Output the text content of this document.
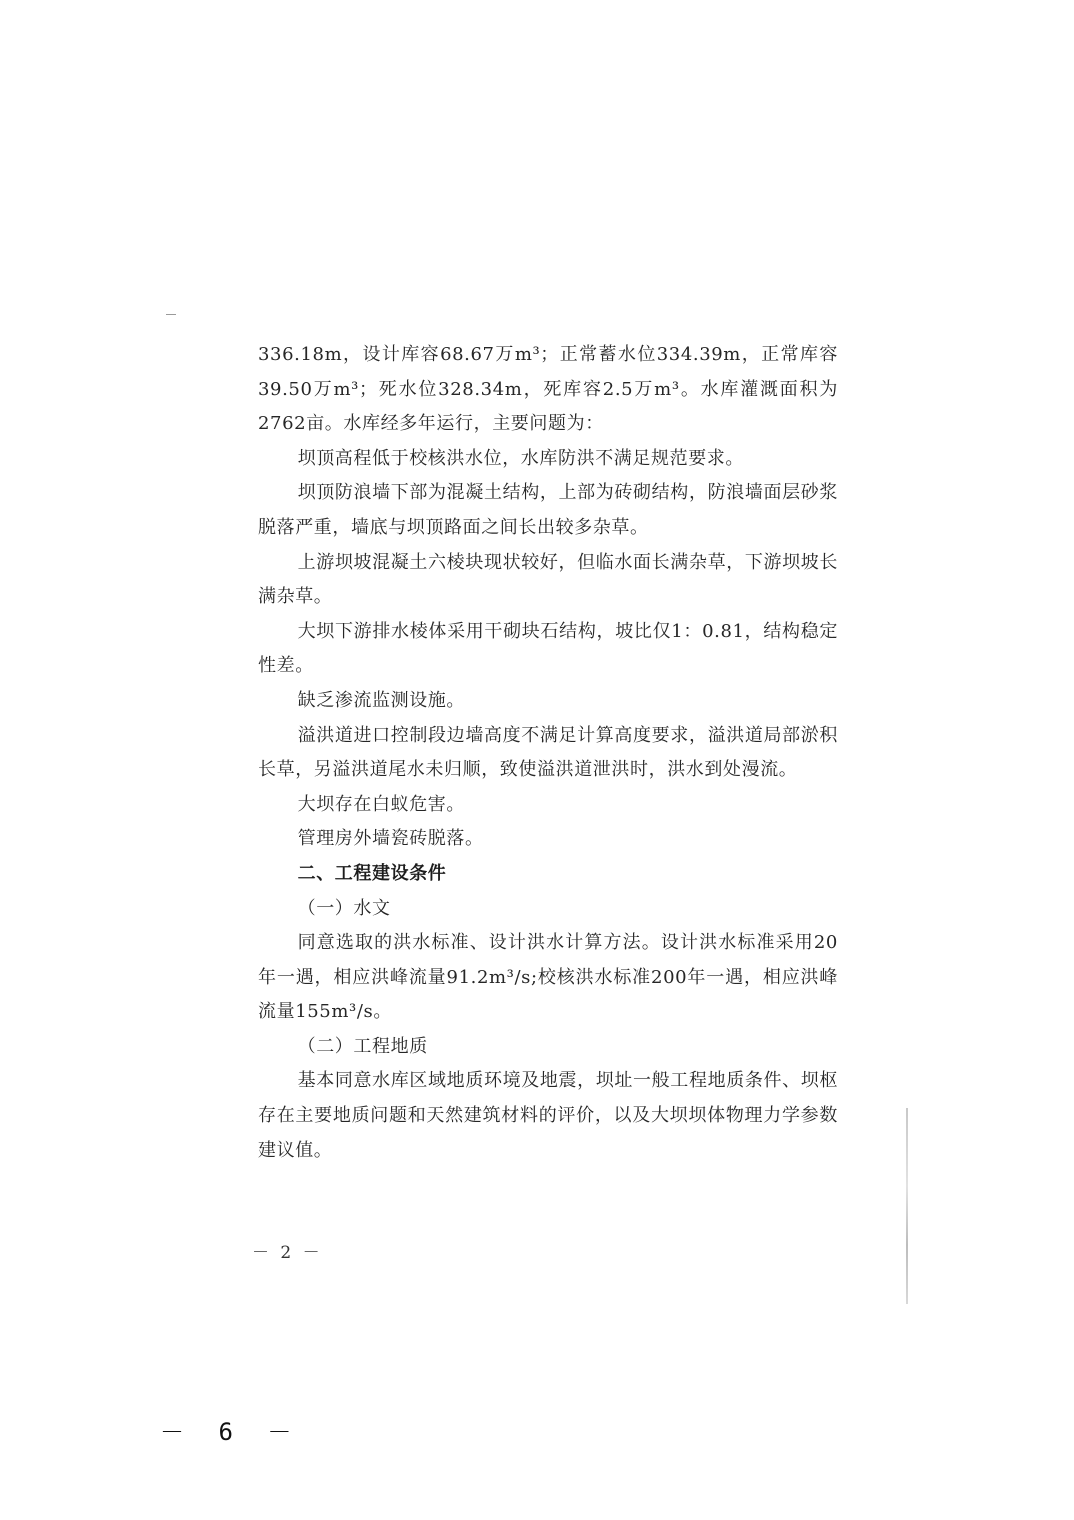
336.18m，设计库容68.67万m³；正常蓄水位334.39m，正常库容39.50万m³；死水位328.34m，死库容2.5万m³。水库灌溉面积为2762亩。水库经多年运行，主要问题为：

坝顶高程低于校核洪水位，水库防洪不满足规范要求。

坝顶防浪墙下部为混凝土结构，上部为砖砌结构，防浪墙面层砂浆脱落严重，墙底与坝顶路面之间长出较多杂草。

上游坝坡混凝土六棱块现状较好，但临水面长满杂草，下游坝坡长满杂草。

大坝下游排水棱体采用干砌块石结构，坡比仅1：0.81，结构稳定性差。

缺乏渗流监测设施。

溢洪道进口控制段边墙高度不满足计算高度要求，溢洪道局部淤积长草，另溢洪道尾水未归顺，致使溢洪道泄洪时，洪水到处漫流。

大坝存在白蚁危害。

管理房外墙瓷砖脱落。

二、工程建设条件

（一）水文

同意选取的洪水标准、设计洪水计算方法。设计洪水标准采用20年一遇，相应洪峰流量91.2m³/s;校核洪水标准200年一遇，相应洪峰流量155m³/s。

（二）工程地质

基本同意水库区域地质环境及地震，坝址一般工程地质条件、坝枢存在主要地质问题和天然建筑材料的评价，以及大坝坝体物理力学参数建议值。

－ 2 －
－ 6 －
